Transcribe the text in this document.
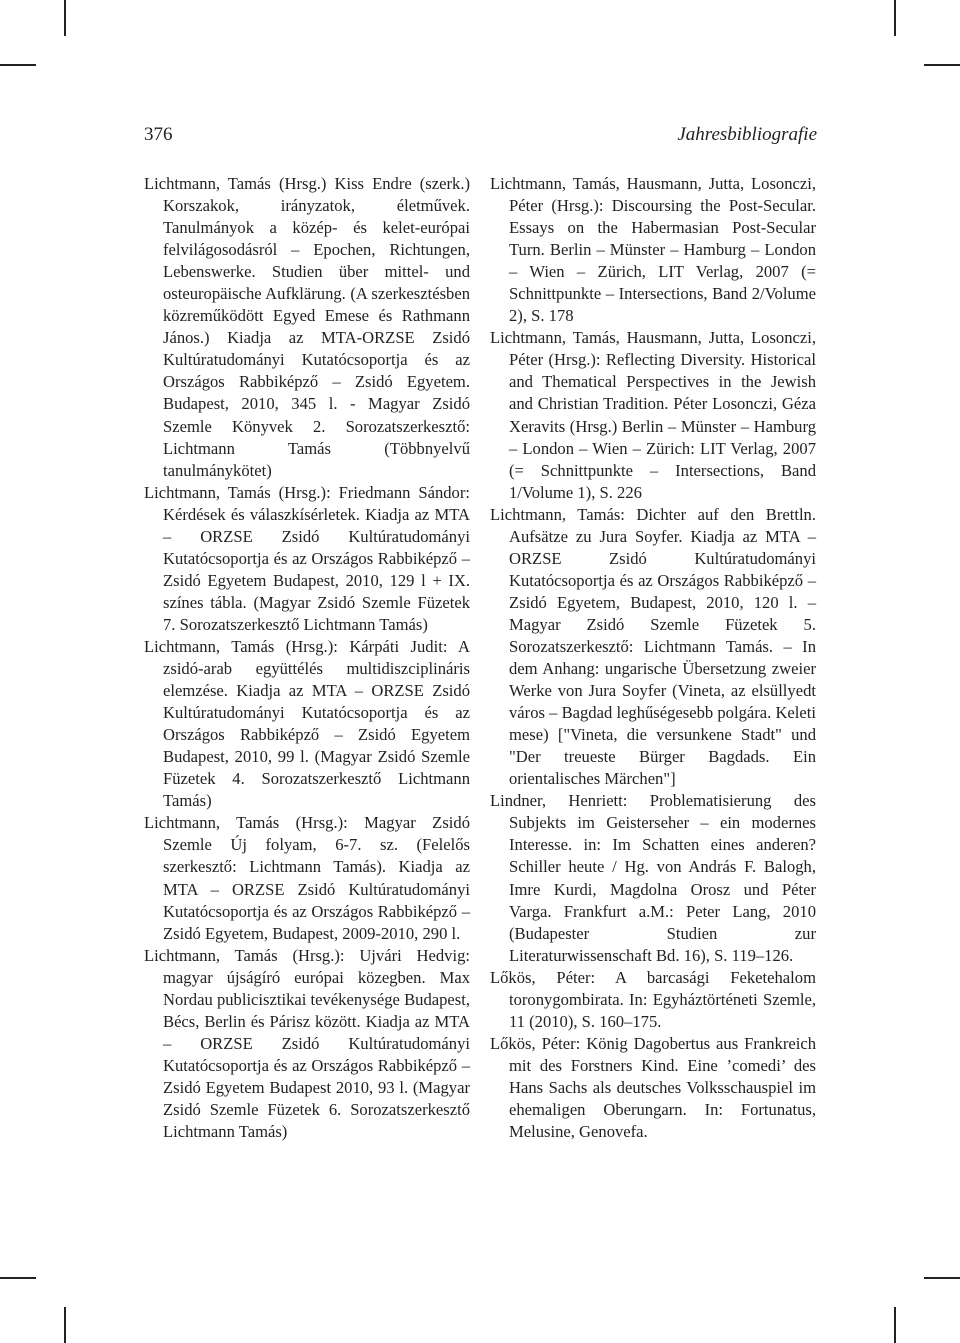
376	Jahresbibliografie

Lichtmann, Tamás (Hrsg.) Kiss Endre (szerk.) Korszakok, irányzatok, életművek. Tanulmányok a közép- és kelet-európai felvilágosodásról – Epochen, Richtungen, Lebenswerke. Studien über mittel- und osteuropäische Aufklärung. (A szerkesztésben közreműködött Egyed Emese és Rathmann János.) Kiadja az MTA-ORZSE Zsidó Kultúratudományi Kutatócsoportja és az Országos Rabbiképző – Zsidó Egyetem. Budapest, 2010, 345 l. - Magyar Zsidó Szemle Könyvek 2. Sorozatszerkesztő: Lichtmann Tamás (Többnyelvű tanulmánykötet)

Lichtmann, Tamás (Hrsg.): Friedmann Sándor: Kérdések és válaszkísérletek. Kiadja az MTA – ORZSE Zsidó Kultúratudományi Kutatócsoportja és az Országos Rabbiképző – Zsidó Egyetem Budapest, 2010, 129 l + IX. színes tábla. (Magyar Zsidó Szemle Füzetek 7. Sorozatszerkesztő Lichtmann Tamás)

Lichtmann, Tamás (Hrsg.): Kárpáti Judit: A zsidó-arab együttélés multidiszciplináris elemzése. Kiadja az MTA – ORZSE Zsidó Kultúratudományi Kutatócsoportja és az Országos Rabbiképző – Zsidó Egyetem Budapest, 2010, 99 l. (Magyar Zsidó Szemle Füzetek 4. Sorozatszerkesztő Lichtmann Tamás)

Lichtmann, Tamás (Hrsg.): Magyar Zsidó Szemle Új folyam, 6-7. sz. (Felelős szerkesztő: Lichtmann Tamás). Kiadja az MTA – ORZSE Zsidó Kultúratudományi Kutatócsoportja és az Országos Rabbiképző – Zsidó Egyetem, Budapest, 2009-2010, 290 l.

Lichtmann, Tamás (Hrsg.): Ujvári Hedvig: magyar újságíró európai közegben. Max Nordau publicisztikai tevékenysége Budapest, Bécs, Berlin és Párisz között. Kiadja az MTA – ORZSE Zsidó Kultúratudományi Kutatócsoportja és az Országos Rabbiképző – Zsidó Egyetem Budapest 2010, 93 l. (Magyar Zsidó Szemle Füzetek 6. Sorozatszerkesztő Lichtmann Tamás)

Lichtmann, Tamás, Hausmann, Jutta, Losonczi, Péter (Hrsg.): Discoursing the Post-Secular. Essays on the Habermasian Post-Secular Turn. Berlin – Münster – Hamburg – London – Wien – Zürich, LIT Verlag, 2007 (= Schnittpunkte – Intersections, Band 2/Volume 2), S. 178

Lichtmann, Tamás, Hausmann, Jutta, Losonczi, Péter (Hrsg.): Reflecting Diversity. Historical and Thematical Perspectives in the Jewish and Christian Tradition. Péter Losonczi, Géza Xeravits (Hrsg.) Berlin – Münster – Hamburg – London – Wien – Zürich: LIT Verlag, 2007 (= Schnittpunkte – Intersections, Band 1/Volume 1), S. 226

Lichtmann, Tamás: Dichter auf den Brettln. Aufsätze zu Jura Soyfer. Kiadja az MTA – ORZSE Zsidó Kultúratudományi Kutatócsoportja és az Országos Rabbiképző – Zsidó Egyetem, Budapest, 2010, 120 l. – Magyar Zsidó Szemle Füzetek 5. Sorozatszerkesztő: Lichtmann Tamás. – In dem Anhang: ungarische Übersetzung zweier Werke von Jura Soyfer (Vineta, az elsüllyedt város – Bagdad leghűségesebb polgára. Keleti mese) ["Vineta, die versunkene Stadt" und "Der treueste Bürger Bagdads. Ein orientalisches Märchen"]

Lindner, Henriett: Problematisierung des Subjekts im Geisterseher – ein modernes Interesse. in: Im Schatten eines anderen? Schiller heute / Hg. von András F. Balogh, Imre Kurdi, Magdolna Orosz und Péter Varga. Frankfurt a.M.: Peter Lang, 2010 (Budapester Studien zur Literaturwissenschaft Bd. 16), S. 119–126.

Lőkös, Péter: A barcasági Feketehalom toronygombirata. In: Egyháztörténeti Szemle, 11 (2010), S. 160–175.

Lőkös, Péter: König Dagobertus aus Frankreich mit des Forstners Kind. Eine ’comedi’ des Hans Sachs als deutsches Volksschauspiel im ehemaligen Oberungarn. In: Fortunatus, Melusine, Genovefa.
